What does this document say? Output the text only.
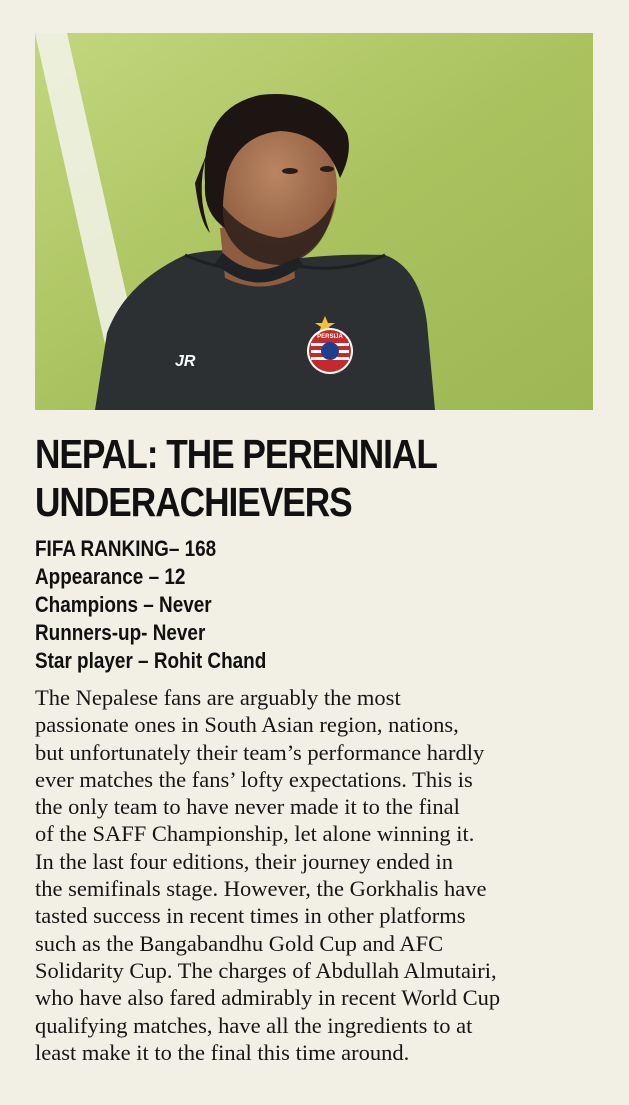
JR
PERSIJA
NEPAL: THE PERENNIAL
UNDERACHIEVERS
FIFA RANKING– 168
Appearance – 12
Champions – Never
Runners-up- Never
Star player – Rohit Chand
The Nepalese fans are arguably the most
passionate ones in South Asian region, nations,
but unfortunately their team’s performance hardly
ever matches the fans’ lofty expectations. This is
the only team to have never made it to the final
of the SAFF Championship, let alone winning it.
In the last four editions, their journey ended in
the semifinals stage. However, the Gorkhalis have
tasted success in recent times in other platforms
such as the Bangabandhu Gold Cup and AFC
Solidarity Cup. The charges of Abdullah Almutairi,
who have also fared admirably in recent World Cup
qualifying matches, have all the ingredients to at
least make it to the final this time around.
